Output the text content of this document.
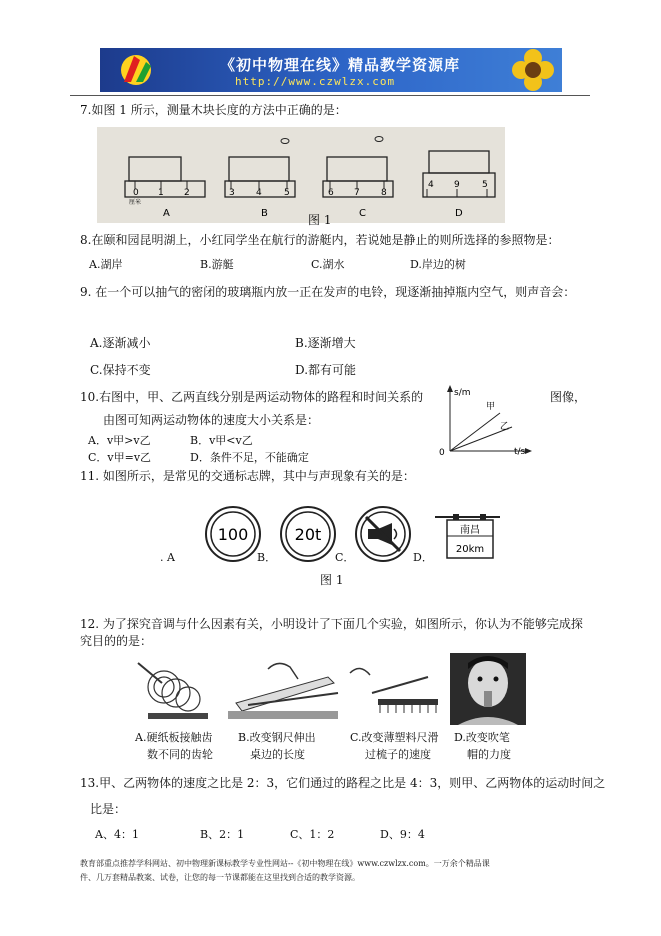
《初中物理在线》精品教学资源库
http://www.czwlzx.com
7.如图 1 所示，测量木块长度的方法中正确的是：
0 1 2
厘米
A
3 4 5
B
6 7 8
C
4 9 5
D
图 1
8.在颐和园昆明湖上，小红同学坐在航行的游艇内，若说她是静止的则所选择的参照物是：
A.湖岸	B.游艇	C.湖水	D.岸边的树
9. 在一个可以抽气的密闭的玻璃瓶内放一正在发声的电铃，现逐渐抽掉瓶内空气，则声音会：
A.逐渐减小	B.逐渐增大
C.保持不变	D.都有可能
10.右图中，甲、乙两直线分别是两运动物体的路程和时间关系的	图像，
由图可知两运动物体的速度大小关系是：
A．v甲>v乙	B．v甲<v乙
C．v甲=v乙	D．条件不足，不能确定
s/m
t/s
0
甲
乙
11. 如图所示，是常见的交通标志牌，其中与声现象有关的是：
. A	B．	C．	D．
100	20t	南昌
20km
图 1
12. 为了探究音调与什么因素有关，小明设计了下面几个实验，如图所示，你认为不能够完成探
究目的的是：
A.硬纸板接触齿
数不同的齿轮
B.改变钢尺伸出
桌边的长度
C.改变薄塑料尺滑
过梳子的速度
D.改变吹笔
帽的力度
13.甲、乙两物体的速度之比是 2：3，它们通过的路程之比是 4：3，则甲、乙两物体的运动时间之
比是：
A、4：1	B、2：1	C、1：2	D、9：4
教育部重点推荐学科网站、初中物理新课标教学专业性网站--《初中物理在线》www.czwlzx.com。一万余个精品课
件、几万套精品教案、试卷，让您的每一节课都能在这里找到合适的教学资源。
